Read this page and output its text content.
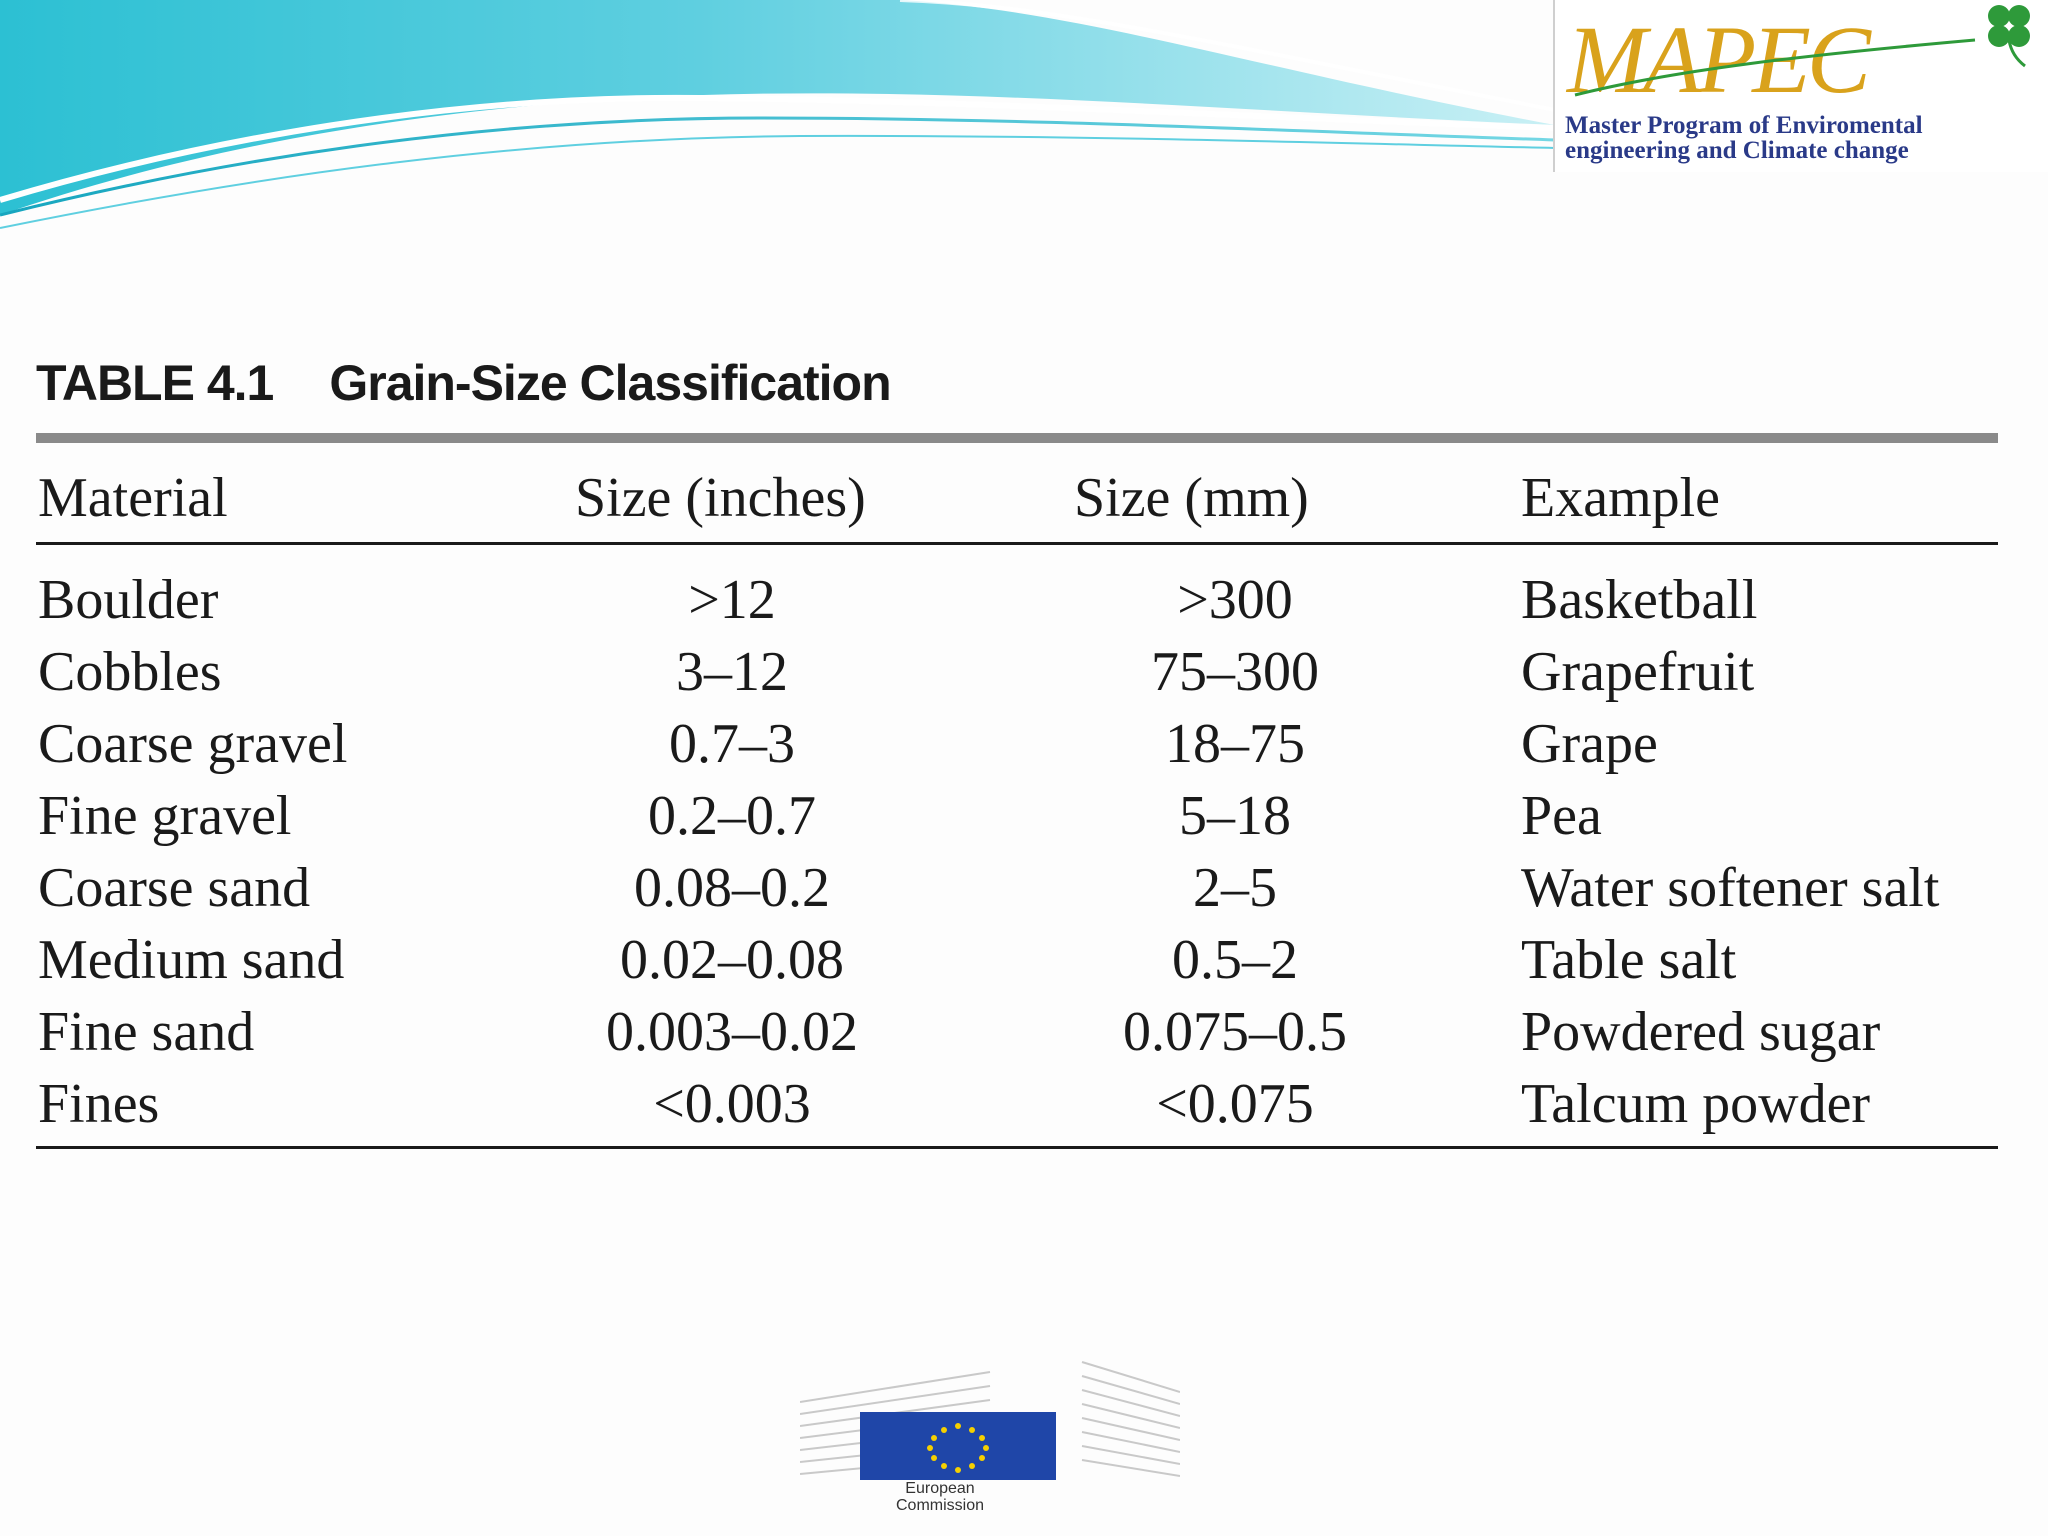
MAPEC
Master Program of Enviromental
engineering and Climate change
TABLE 4.1 Grain-Size Classification
Material	Size (inches)	Size (mm)	Example
Boulder	>12	>300	Basketball
Cobbles	3–12	75–300	Grapefruit
Coarse gravel	0.7–3	18–75	Grape
Fine gravel	0.2–0.7	5–18	Pea
Coarse sand	0.08–0.2	2–5	Water softener salt
Medium sand	0.02–0.08	0.5–2	Table salt
Fine sand	0.003–0.02	0.075–0.5	Powdered sugar
Fines	<0.003	<0.075	Talcum powder
European
Commission
